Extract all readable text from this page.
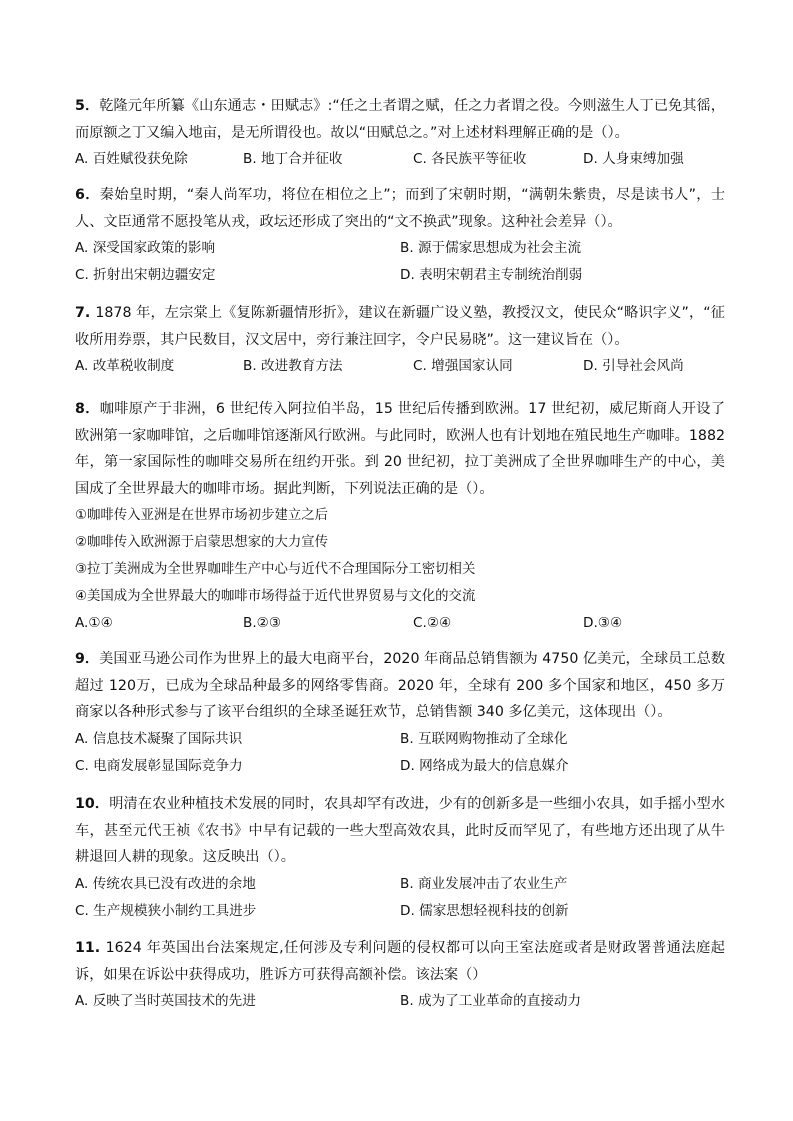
5．乾隆元年所纂《山东通志・田赋志》:“任之土者谓之赋，任之力者谓之役。今则滋生人丁已免其徭，而原额之丁又编入地亩，是无所谓役也。故以“田赋总之。”对上述材料理解正确的是（）。

A. 百姓赋役获免除	B. 地丁合并征收	C. 各民族平等征收	D. 人身束缚加强

6．秦始皇时期，“秦人尚军功，将位在相位之上”；而到了宋朝时期，“满朝朱紫贵，尽是读书人”，士人、文臣通常不愿投笔从戎，政坛还形成了突出的“文不换武”现象。这种社会差异（）。

A. 深受国家政策的影响	B. 源于儒家思想成为社会主流
C. 折射出宋朝边疆安定	D. 表明宋朝君主专制统治削弱

7. 1878 年，左宗棠上《复陈新疆情形折》，建议在新疆广设义塾，教授汉文，使民众“略识字义”，“征收所用券票，其户民数目，汉文居中，旁行兼注回字，令户民易晓”。这一建议旨在（）。

A. 改革税收制度	B. 改进教育方法	C. 增强国家认同	D. 引导社会风尚

8．咖啡原产于非洲，6 世纪传入阿拉伯半岛，15 世纪后传播到欧洲。17 世纪初，威尼斯商人开设了欧洲第一家咖啡馆，之后咖啡馆逐渐风行欧洲。与此同时，欧洲人也有计划地在殖民地生产咖啡。1882 年，第一家国际性的咖啡交易所在纽约开张。到 20 世纪初，拉丁美洲成了全世界咖啡生产的中心，美国成了全世界最大的咖啡市场。据此判断，下列说法正确的是（）。

①咖啡传入亚洲是在世界市场初步建立之后
②咖啡传入欧洲源于启蒙思想家的大力宣传
③拉丁美洲成为全世界咖啡生产中心与近代不合理国际分工密切相关
④美国成为全世界最大的咖啡市场得益于近代世界贸易与文化的交流
A.①④	B.②③	C.②④	D.③④

9．美国亚马逊公司作为世界上的最大电商平台，2020 年商品总销售额为 4750 亿美元，全球员工总数超过 120万，已成为全球品种最多的网络零售商。2020 年，全球有 200 多个国家和地区，450 多万商家以各种形式参与了该平台组织的全球圣诞狂欢节，总销售额 340 多亿美元，这体现出（）。

A. 信息技术凝聚了国际共识	B. 互联网购物推动了全球化
C. 电商发展彰显国际竞争力	D. 网络成为最大的信息媒介

10．明清在农业种植技术发展的同时，农具却罕有改进，少有的创新多是一些细小农具，如手摇小型水车，甚至元代王祯《农书》中早有记载的一些大型高效农具，此时反而罕见了，有些地方还出现了从牛耕退回人耕的现象。这反映出（）。

A. 传统农具已没有改进的余地	B. 商业发展冲击了农业生产
C. 生产规模狭小制约工具进步	D. 儒家思想轻视科技的创新

11. 1624 年英国出台法案规定,任何涉及专利问题的侵权都可以向王室法庭或者是财政署普通法庭起诉，如果在诉讼中获得成功，胜诉方可获得高额补偿。该法案（）

A. 反映了当时英国技术的先进	B. 成为了工业革命的直接动力
